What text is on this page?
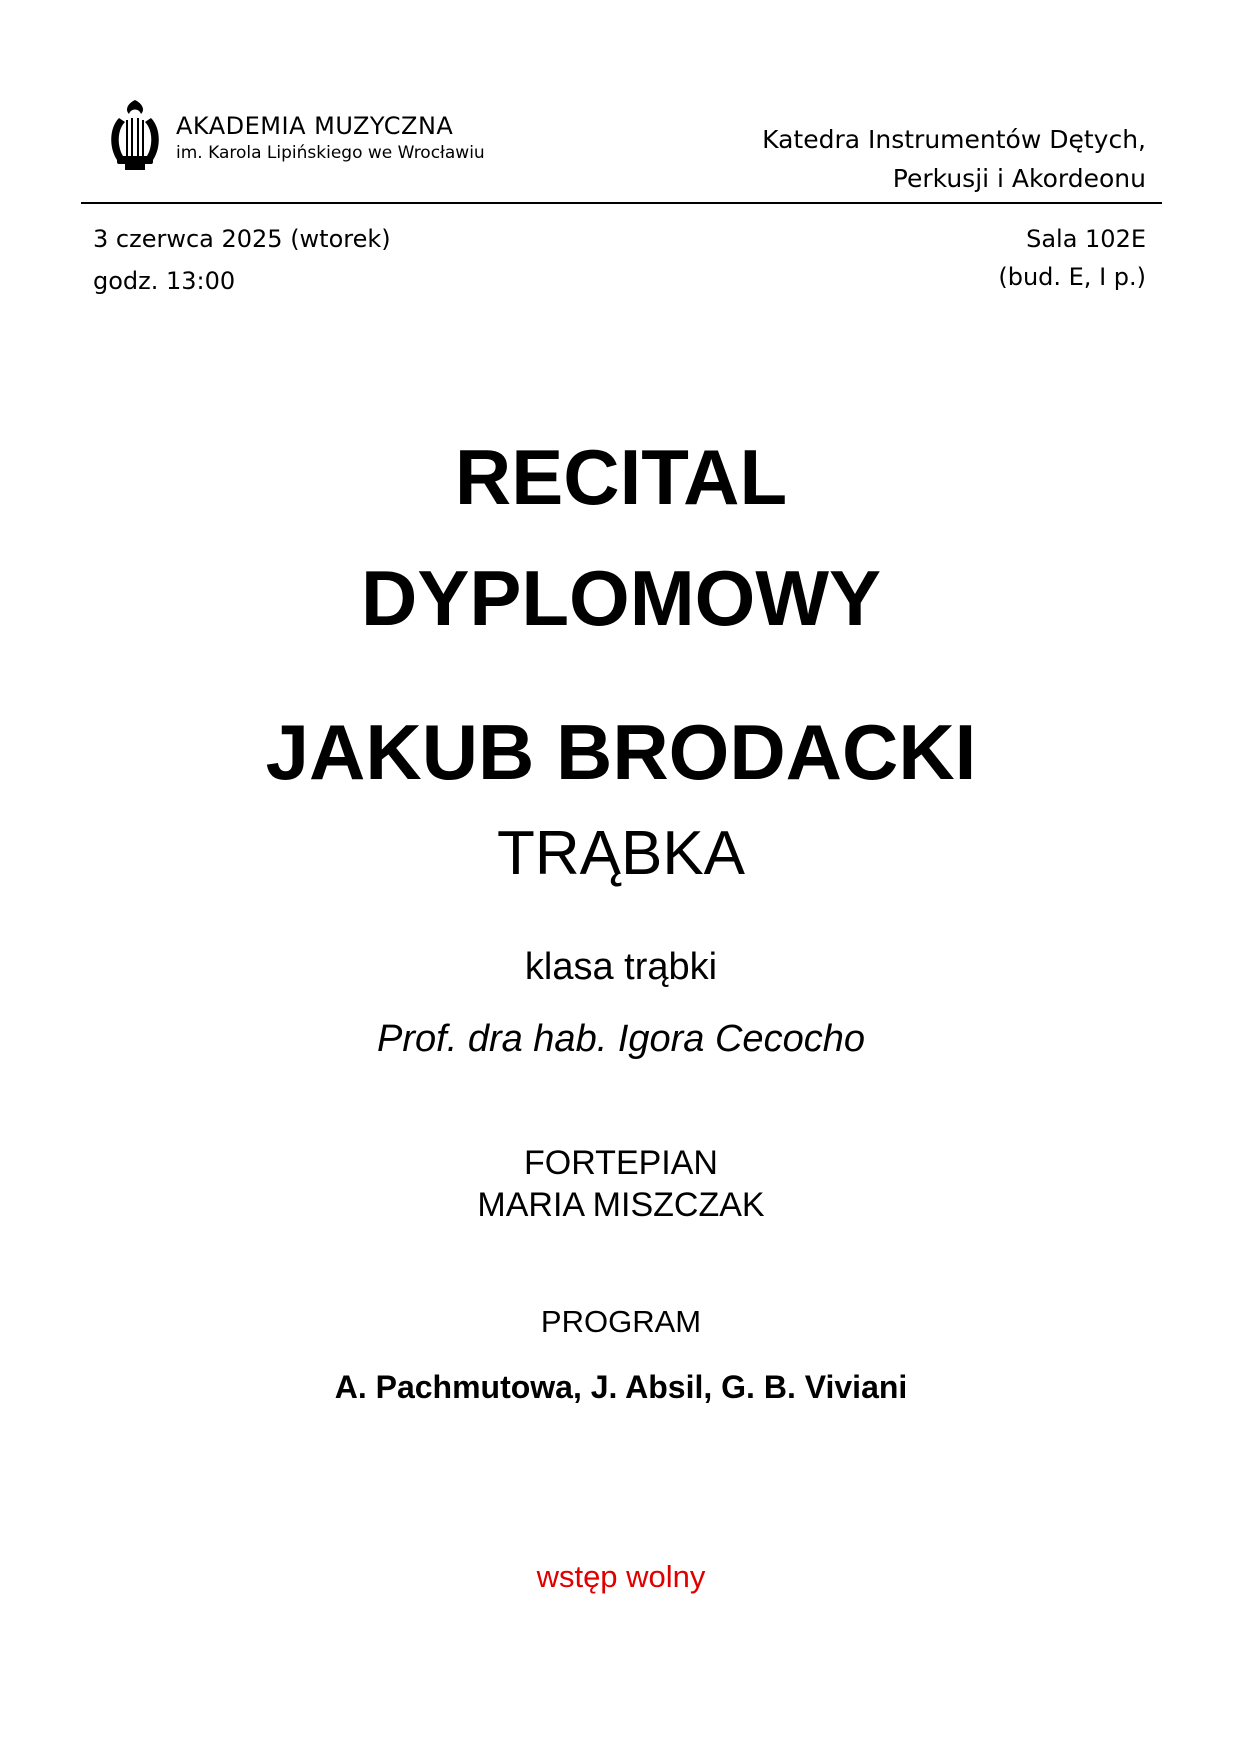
AKADEMIA MUZYCZNA
im. Karola Lipińskiego we Wrocławiu	Katedra Instrumentów Dętych,
Perkusji i Akordeonu
3 czerwca 2025 (wtorek)
godz. 13:00
Sala 102E
(bud. E, I p.)
RECITAL
DYPLOMOWY
JAKUB BRODACKI
TRĄBKA
klasa trąbki
Prof. dra hab. Igora Cecocho
FORTEPIAN
MARIA MISZCZAK
PROGRAM
A. Pachmutowa, J. Absil, G. B. Viviani
wstęp wolny
